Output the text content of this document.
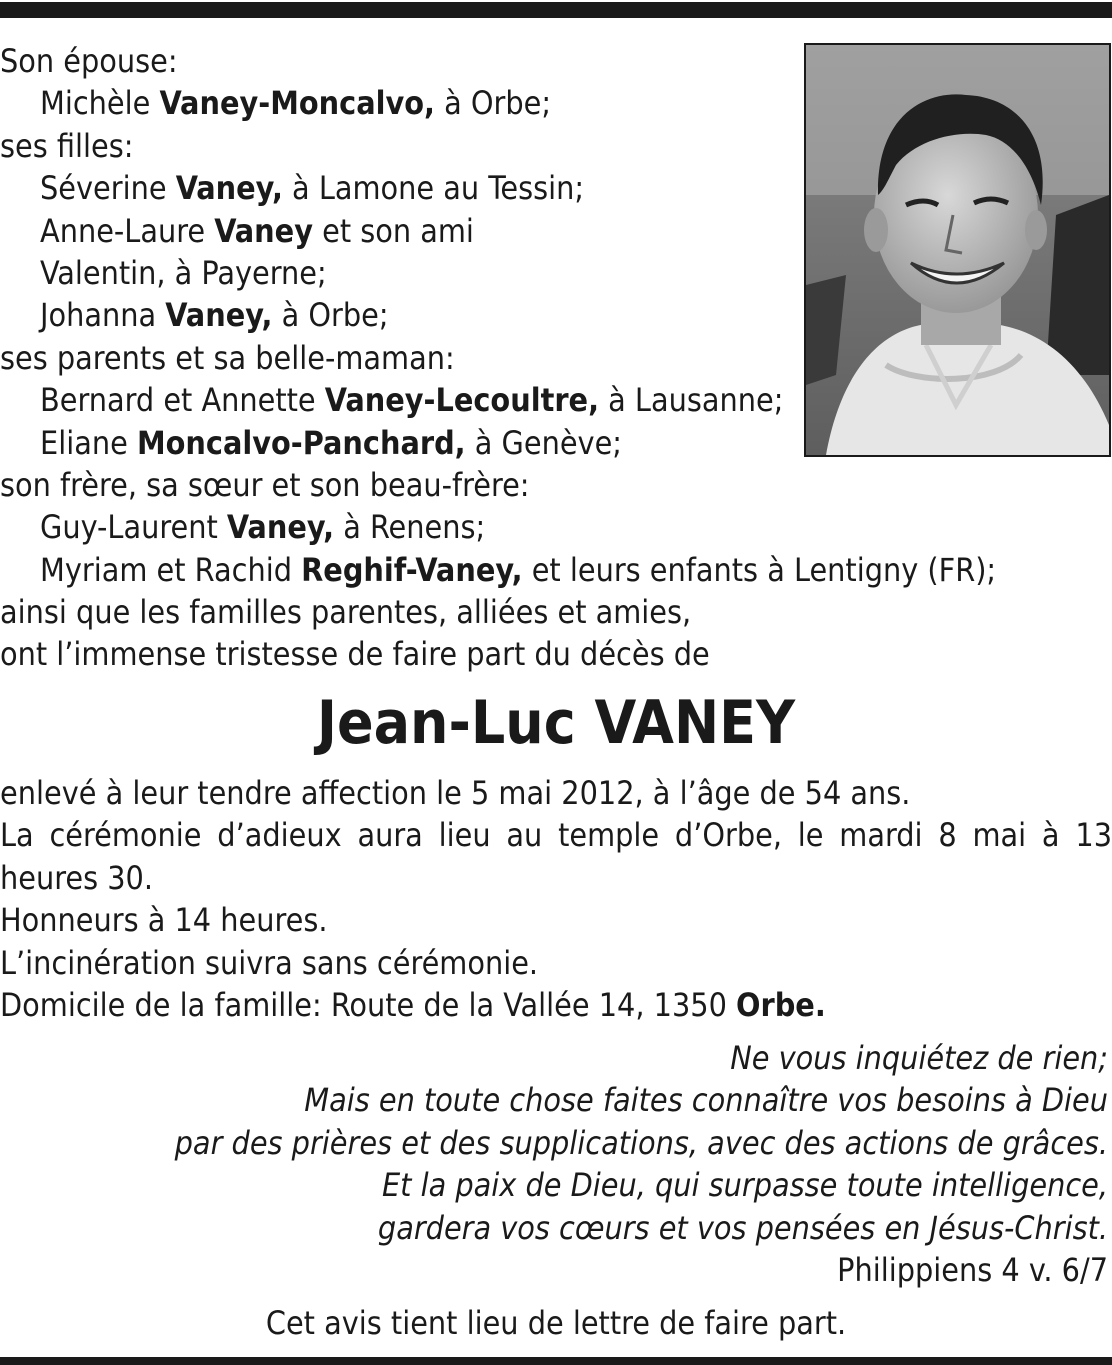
Son épouse:
Michèle Vaney-Moncalvo, à Orbe;
ses filles:
Séverine Vaney, à Lamone au Tessin;
Anne-Laure Vaney et son ami
Valentin, à Payerne;
Johanna Vaney, à Orbe;
ses parents et sa belle-maman:
Bernard et Annette Vaney-Lecoultre, à Lausanne;
Eliane Moncalvo-Panchard, à Genève;
son frère, sa sœur et son beau-frère:
Guy-Laurent Vaney, à Renens;
Myriam et Rachid Reghif-Vaney, et leurs enfants à Lentigny (FR);
ainsi que les familles parentes, alliées et amies,
ont l’immense tristesse de faire part du décès de
Jean-Luc VANEY
enlevé à leur tendre affection le 5 mai 2012, à l’âge de 54 ans.
La cérémonie d’adieux aura lieu au temple d’Orbe, le mardi 8 mai à 13 heures 30.
Honneurs à 14 heures.
L’incinération suivra sans cérémonie.
Domicile de la famille: Route de la Vallée 14, 1350 Orbe.
Ne vous inquiétez de rien;
Mais en toute chose faites connaître vos besoins à Dieu
par des prières et des supplications, avec des actions de grâces.
Et la paix de Dieu, qui surpasse toute intelligence,
gardera vos cœurs et vos pensées en Jésus-Christ.
Philippiens 4 v. 6/7
Cet avis tient lieu de lettre de faire part.
